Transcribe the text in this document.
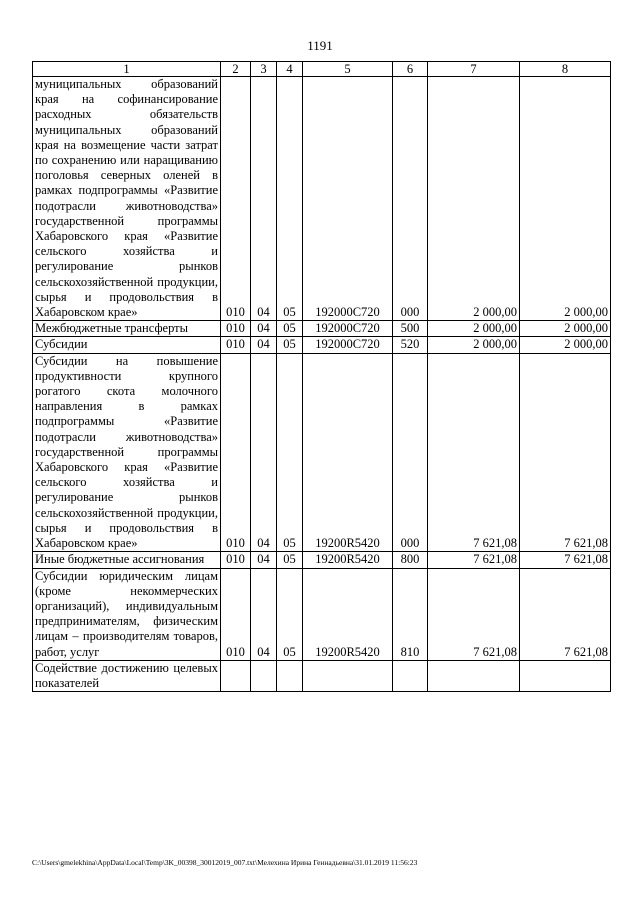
1191
1	2	3	4	5	6	7	8
муниципальных образований края на софинансирование расходных обязательств муниципальных образований края на возмещение части затрат по сохранению или наращиванию поголовья северных оленей в рамках подпрограммы «Развитие подотрасли животноводства» государственной программы Хабаровского края «Развитие сельского хозяйства и регулирование рынков сельскохозяйственной продукции, сырья и продовольствия в Хабаровском крае»	010	04	05	192000С720	000	2 000,00	2 000,00
Межбюджетные трансферты	010	04	05	192000С720	500	2 000,00	2 000,00
Субсидии	010	04	05	192000С720	520	2 000,00	2 000,00
Субсидии на повышение продуктивности крупного рогатого скота молочного направления в рамках подпрограммы «Развитие подотрасли животноводства» государственной программы Хабаровского края «Развитие сельского хозяйства и регулирование рынков сельскохозяйственной продукции, сырья и продовольствия в Хабаровском крае»	010	04	05	19200R5420	000	7 621,08	7 621,08
Иные бюджетные ассигнования	010	04	05	19200R5420	800	7 621,08	7 621,08
Субсидии юридическим лицам (кроме некоммерческих организаций), индивидуальным предпринимателям, физическим лицам – производителям товаров, работ, услуг	010	04	05	19200R5420	810	7 621,08	7 621,08
Содействие достижению целевых показателей							
C:\Users\gmelekhina\AppData\Local\Temp\3K_00398_30012019_007.txt\Мелехина Ирина Геннадьевна\31.01.2019 11:56:23
